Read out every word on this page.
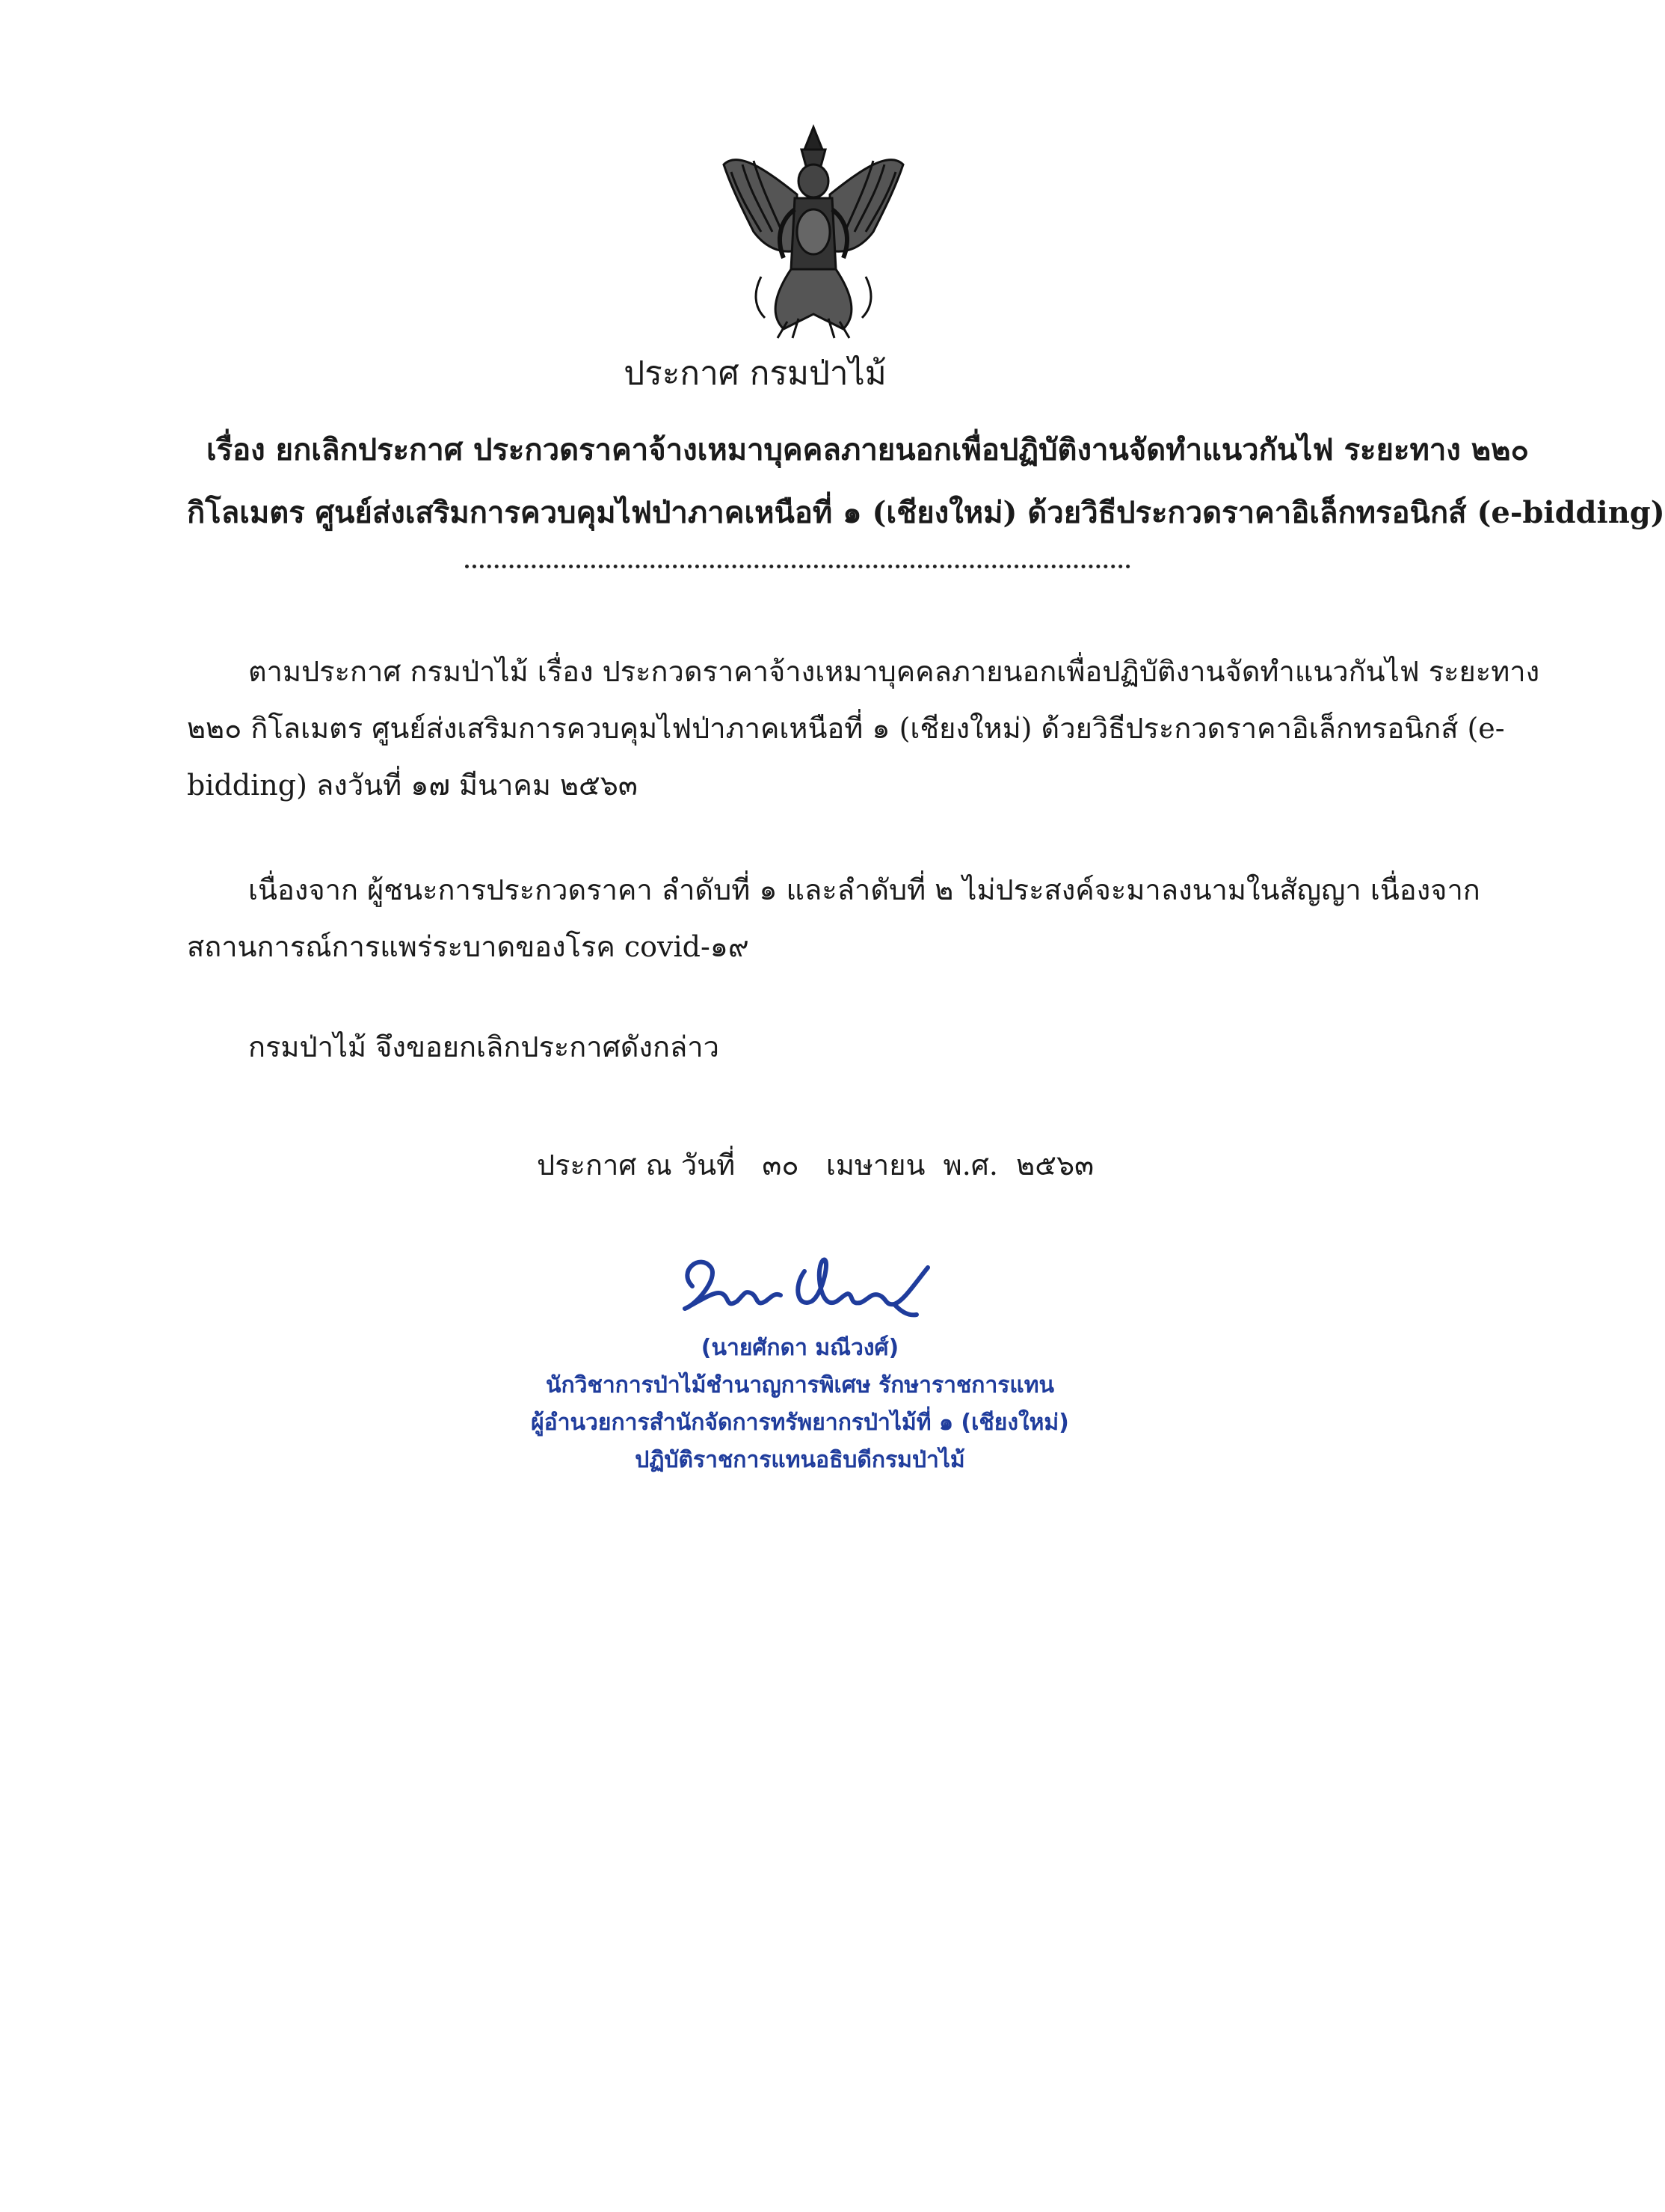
ประกาศ กรมป่าไม้
เรื่อง ยกเลิกประกาศ ประกวดราคาจ้างเหมาบุคคลภายนอกเพื่อปฏิบัติงานจัดทำแนวกันไฟ ระยะทาง ๒๒๐
กิโลเมตร ศูนย์ส่งเสริมการควบคุมไฟป่าภาคเหนือที่ ๑ (เชียงใหม่) ด้วยวิธีประกวดราคาอิเล็กทรอนิกส์ (e-bidding)
ตามประกาศ กรมป่าไม้ เรื่อง ประกวดราคาจ้างเหมาบุคคลภายนอกเพื่อปฏิบัติงานจัดทำแนวกันไฟ ระยะทาง
๒๒๐ กิโลเมตร ศูนย์ส่งเสริมการควบคุมไฟป่าภาคเหนือที่ ๑ (เชียงใหม่) ด้วยวิธีประกวดราคาอิเล็กทรอนิกส์ (e-
bidding) ลงวันที่ ๑๗ มีนาคม ๒๕๖๓
เนื่องจาก ผู้ชนะการประกวดราคา ลำดับที่ ๑ และลำดับที่ ๒ ไม่ประสงค์จะมาลงนามในสัญญา เนื่องจาก
สถานการณ์การแพร่ระบาดของโรค covid-๑๙
กรมป่าไม้ จึงขอยกเลิกประกาศดังกล่าว
ประกาศ ณ วันที่   ๓๐   เมษายน  พ.ศ.  ๒๕๖๓
(นายศักดา มณีวงศ์)
นักวิชาการป่าไม้ชำนาญการพิเศษ รักษาราชการแทน
ผู้อำนวยการสำนักจัดการทรัพยากรป่าไม้ที่ ๑ (เชียงใหม่)
ปฏิบัติราชการแทนอธิบดีกรมป่าไม้
